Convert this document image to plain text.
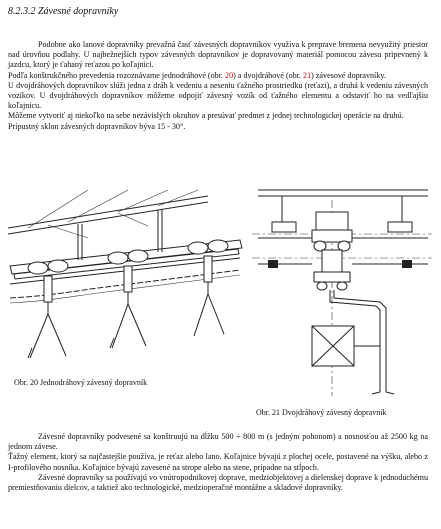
8.2.3.2 Závesné dopravníky

Podobne ako lanové dopravníky prevažná časť závesných dopravníkov využíva k preprave bremena nevyužitý priestor nad úrovňou podlahy. U najbežnejších typov závesných dopravníkov je dopravovaný materiál pomocou závesu pripevnený k jazdcu, ktorý je ťahaný reťazou po koľajnici.

Podľa konštrukčného prevedenia rozoznávame jednodráhové (obr. 20) a dvojdráhové (obr. 21) závesové dopravníky.

U dvojdráhových dopravníkov slúži jedna z dráh k vedeniu a neseniu ťažného prostriedku (reťazi), a druhá k vedeniu závesných vozíkov. U dvojdráhových dopravníkov môžeme odpojiť závesný vozík od ťažného elementu a odstaviť ho na vedľajšiu koľajnicu.

Môžeme vytvoriť aj niekoľko na sebe nezávislých okruhov a presúvať predmet z jednej technologickej operácie na druhú.

Prípustný sklon závesných dopravníkov býva 15 - 30°.

Obr. 20 Jednodráhový závesný dopravník
Obr. 21 Dvojdráhový závesný dopravník

Závesné dopravníky podvesené sa konštruujú na dĺžku 500 ÷ 800 m (s jedným pohonom) a nosnosťou až 2500 kg na jednom závese.

Ťažný element, ktorý sa najčastejšie používa, je reťaz alebo lano. Koľajnice bývajú z plochej ocele, postavené na výšku, alebo z I-profilového nosníka. Koľajnice bývajú zavesené na strope alebo na stene, prípadne na stĺpoch.

Závesné dopravníky sa používajú vo vnútropodnikovej doprave, medziobjektovej a dielenskej doprave k jednoduchému premiestňovaniu dielcov, a taktiež ako technologické, medzioperačné montážne a skladové dopravníky.
